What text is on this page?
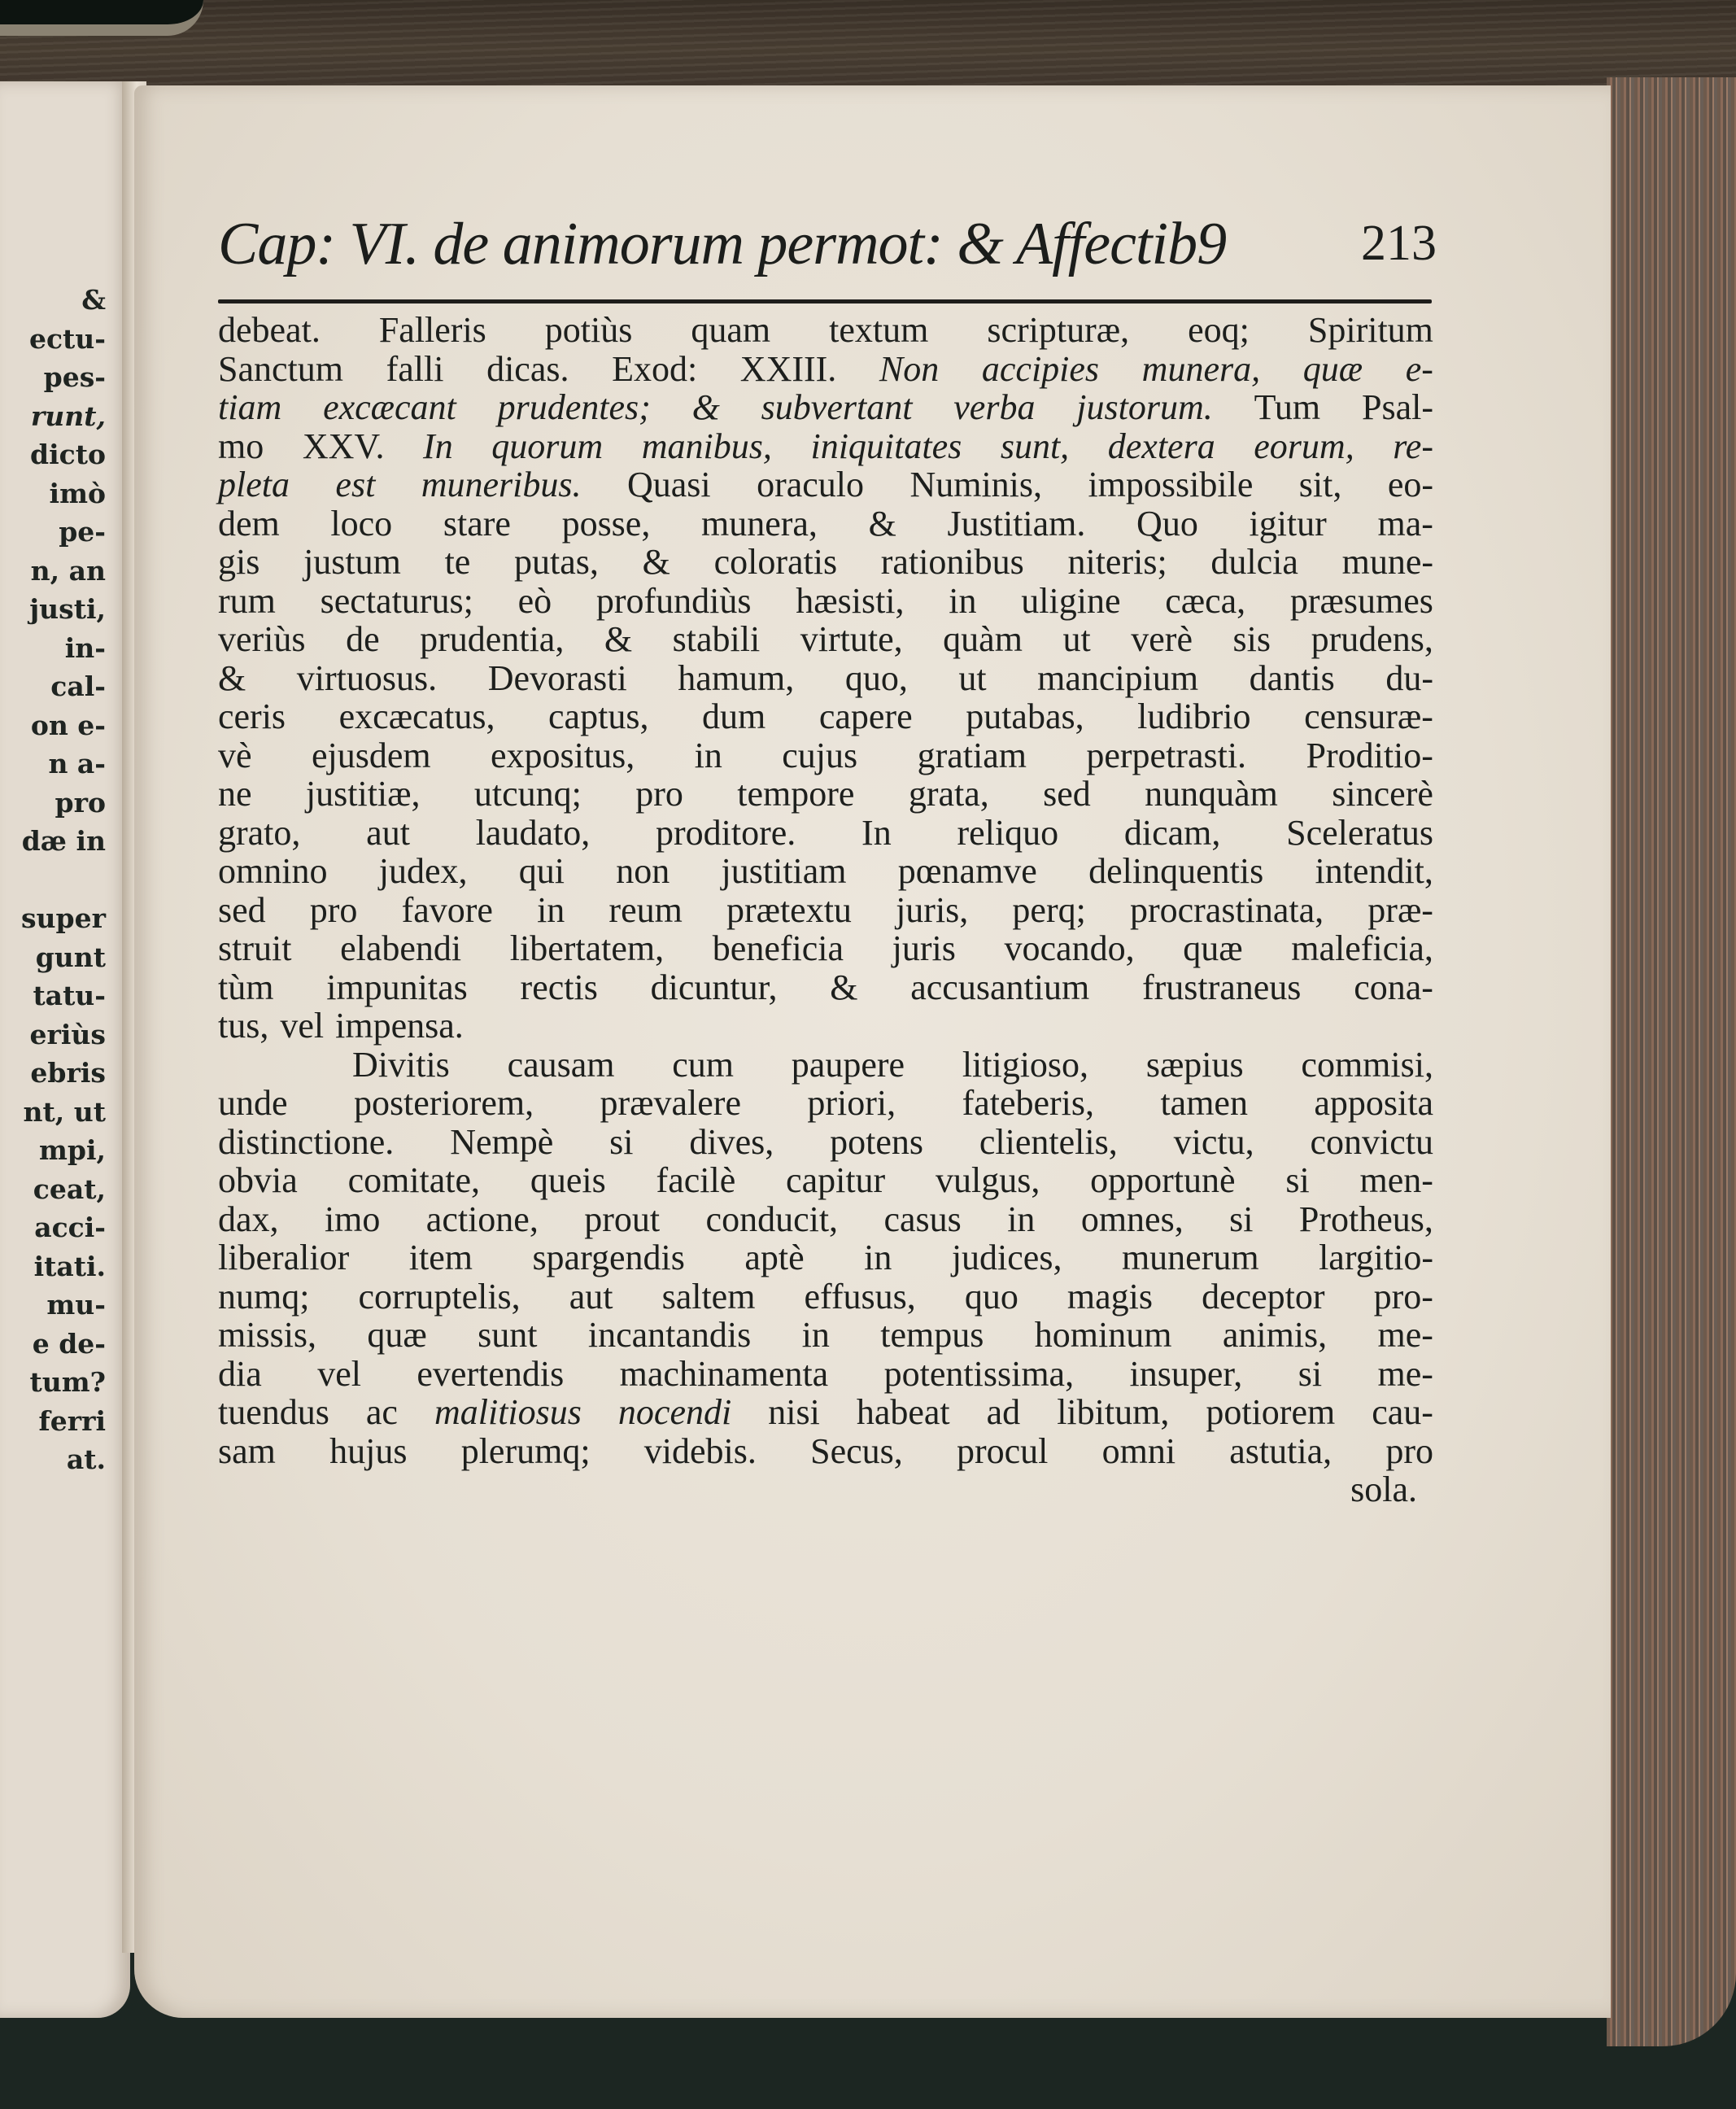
&
ectu-
pes-
runt,
dicto
imò
pe-
n, an
justi,
in-
cal-
on e-
n a-
pro
dæ in
super
gunt
tatu-
eriùs
ebris
nt, ut
mpi,
ceat,
acci-
itati.
mu-
e de-
tum?
ferri
at.
Cap: VI. de animorum permot: & Affectib9	213
debeat. Falleris potiùs quam textum scripturæ, eoq; Spiritum
Sanctum falli dicas. Exod: XXIII. Non accipies munera, quæ e-
tiam excæcant prudentes; & subvertant verba justorum. Tum Psal-
mo XXV. In quorum manibus, iniquitates sunt, dextera eorum, re-
pleta est muneribus. Quasi oraculo Numinis, impossibile sit, eo-
dem loco stare posse, munera, & Justitiam. Quo igitur ma-
gis justum te putas, & coloratis rationibus niteris; dulcia mune-
rum sectaturus; eò profundiùs hæsisti, in uligine cæca, præsumes
veriùs de prudentia, & stabili virtute, quàm ut verè sis prudens,
& virtuosus. Devorasti hamum, quo, ut mancipium dantis du-
ceris excæcatus, captus, dum capere putabas, ludibrio censuræ-
vè ejusdem expositus, in cujus gratiam perpetrasti. Proditio-
ne justitiæ, utcunq; pro tempore grata, sed nunquàm sincerè
grato, aut laudato, proditore. In reliquo dicam, Sceleratus
omnino judex, qui non justitiam pœnamve delinquentis intendit,
sed pro favore in reum prætextu juris, perq; procrastinata, præ-
struit elabendi libertatem, beneficia juris vocando, quæ maleficia,
tùm impunitas rectis dicuntur, & accusantium frustraneus cona-
tus, vel impensa.
Divitis causam cum paupere litigioso, sæpius commisi,
unde posteriorem, prævalere priori, fateberis, tamen apposita
distinctione. Nempè si dives, potens clientelis, victu, convictu
obvia comitate, queis facilè capitur vulgus, opportunè si men-
dax, imo actione, prout conducit, casus in omnes, si Protheus,
liberalior item spargendis aptè in judices, munerum largitio-
numq; corruptelis, aut saltem effusus, quo magis deceptor pro-
missis, quæ sunt incantandis in tempus hominum animis, me-
dia vel evertendis machinamenta potentissima, insuper, si me-
tuendus ac malitiosus nocendi nisi habeat ad libitum, potiorem cau-
sam hujus plerumq; videbis. Secus, procul omni astutia, pro
sola.
